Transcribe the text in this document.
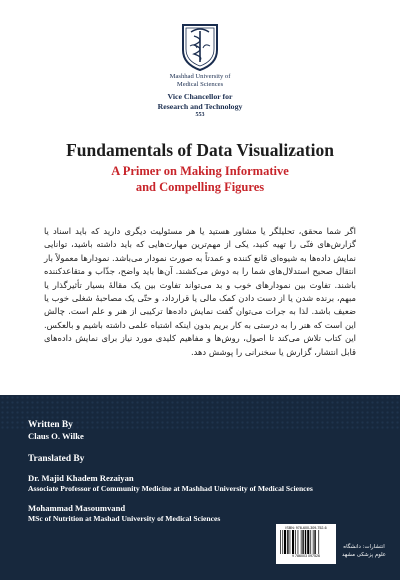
Mashhad University of
Medical Sciences
Vice Chancellor for
Research and Technology
553
Fundamentals of Data Visualization
A Primer on Making Informative
and Compelling Figures
اگر شما محقق، تحلیلگر یا مشاور هستید یا هر مسئولیت دیگری دارید که باید اسناد یا گزارش‌های فنّی را تهیه کنید، یکی از مهم‌ترین مهارت‌هایی که باید داشته باشید، توانایی نمایش داده‌ها به شیوه‌ای قانع کننده و عمدتاً به صورت نمودار می‌باشد. نمودارها معمولاً بار انتقال صحیح استدلال‌های شما را به دوش می‌کشند. آن‌ها باید واضح، جذّاب و متقاعدکننده باشند. تفاوت بین نمودارهای خوب و بد می‌تواند تفاوت بین یک مقالهٔ بسیار تأثیرگذار یا مبهم، برنده شدن یا از دست دادن کمک مالی یا قرارداد، و حتّی یک مصاحبهٔ شغلی خوب یا ضعیف باشد. لذا به جرات می‌توان گفت نمایش داده‌ها ترکیبی از هنر و علم است. چالش این است که هنر را به درستی به کار بریم بدون اینکه اشتباه علمی داشته باشیم و بالعکس. این کتاب تلاش می‌کند تا اصول، روش‌ها و مفاهیم کلیدی مورد نیاز برای نمایش داده‌های قابل انتشار، گزارش یا سخنرانی را پوشش دهد.
Written By
Claus O. Wilke
Translated By
Dr. Majid Khadem Rezaiyan
Associate Professor of Community Medicine at Mashhad University of Medical Sciences
Mohammad Masoumvand
MSc of Nutrition at Mashad University of Medical Sciences
ISBN: 978-600-309-752-6
9 786003 097526
انتشارات: دانشگاه
علوم پزشکی مشهد
